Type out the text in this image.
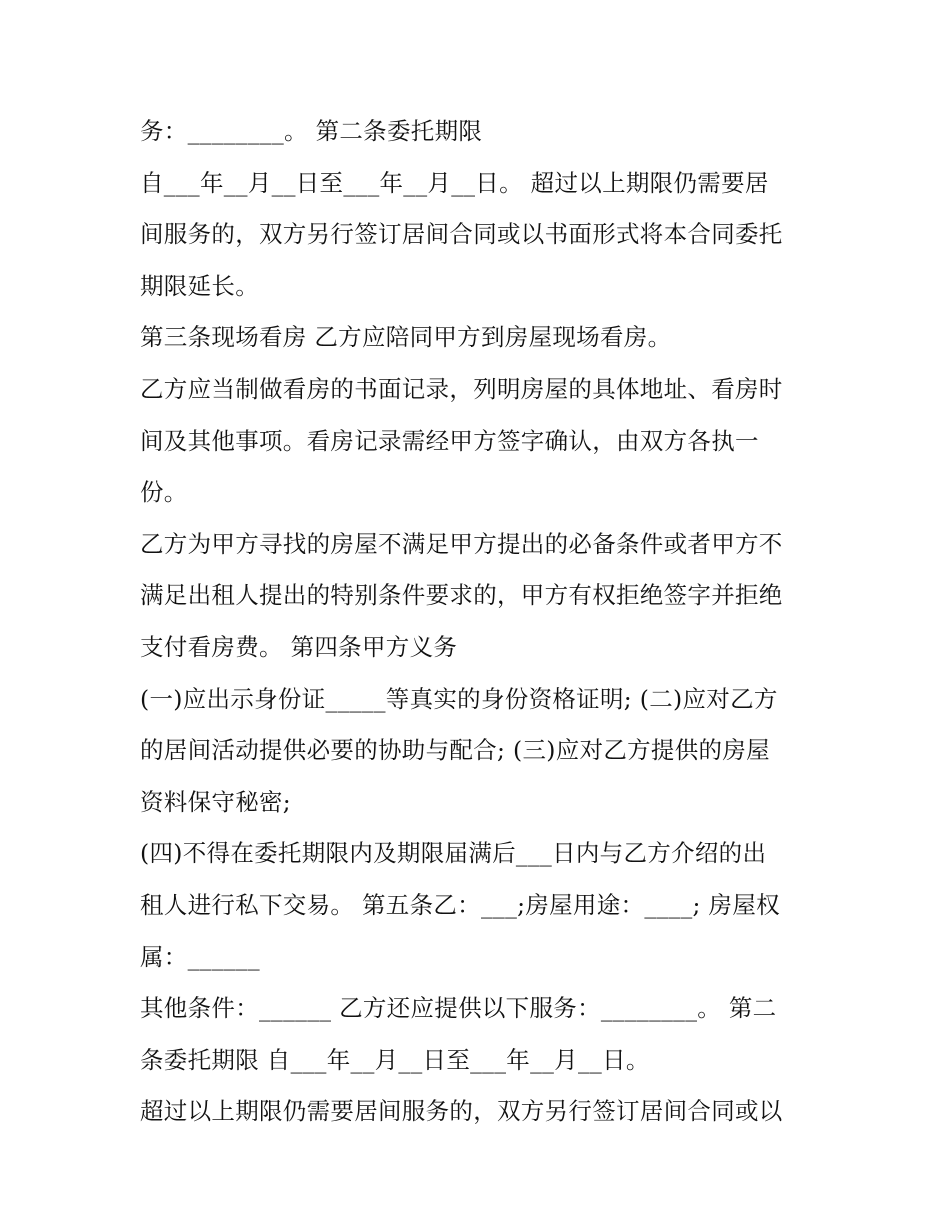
务：________。 第二条委托期限
自___年__月__日至___年__月__日。 超过以上期限仍需要居
间服务的，双方另行签订居间合同或以书面形式将本合同委托
期限延长。
第三条现场看房 乙方应陪同甲方到房屋现场看房。
乙方应当制做看房的书面记录，列明房屋的具体地址、看房时
间及其他事项。看房记录需经甲方签字确认，由双方各执一
份。
乙方为甲方寻找的房屋不满足甲方提出的必备条件或者甲方不
满足出租人提出的特别条件要求的，甲方有权拒绝签字并拒绝
支付看房费。 第四条甲方义务
(一)应出示身份证_____等真实的身份资格证明; (二)应对乙方
的居间活动提供必要的协助与配合; (三)应对乙方提供的房屋
资料保守秘密;
(四)不得在委托期限内及期限届满后___日内与乙方介绍的出
租人进行私下交易。 第五条乙：___;房屋用途：____; 房屋权
属：______
其他条件：______ 乙方还应提供以下服务：________。 第二
条委托期限 自___年__月__日至___年__月__日。
超过以上期限仍需要居间服务的，双方另行签订居间合同或以
